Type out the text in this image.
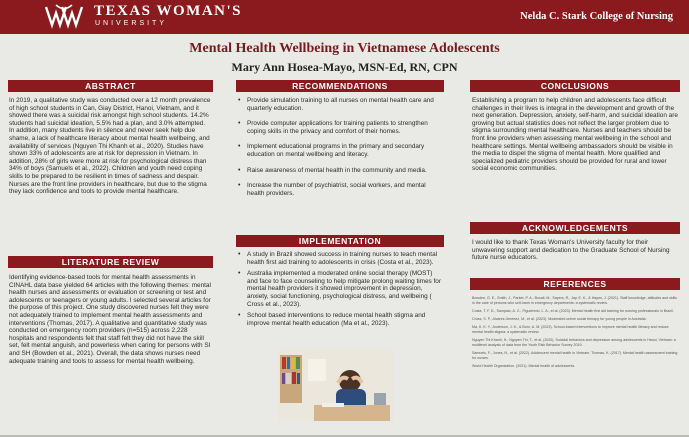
TEXAS WOMAN'S
UNIVERSITY
Nelda C. Stark College of Nursing
Mental Health Wellbeing in Vietnamese Adolescents
Mary Ann Hosea-Mayo, MSN-Ed, RN, CPN
ABSTRACT
In 2019, a qualitative study was conducted over a 12 month prevalence of high school students in Can, Giay District, Hanoi, Vietnam, and it showed there was a suicidal risk amongst high school students. 14.2% students had suicidal ideation, 5.5% had a plan, and 3.0% attempted. In addition, many students live in silence and never seek help due shame, a lack of healthcare literacy about mental health wellbeing, and availability of services (Nguyen Thi Khanh et al., 2020). Studies have shown 33% of adolescents are at risk for depression in Vietnam. In addition, 28% of girls were more at risk for psychological distress than 34% of boys (Samuels et al., 2022). Children and youth need coping skills to be prepared to be resilient in times of sadness and despair. Nurses are the front line providers in healthcare, but due to the stigma they lack confidence and tools to provide mental healthcare.
LITERATURE REVIEW
Identifying evidence-based tools for mental health assessments in CINAHL data base yielded 64 articles with the following themes: mental health nurses and assessments or evaluation or screening or test and adolescents or teenagers or young adults. I selected several articles for the purpose of this project. One study discovered nurses felt they were not adequately trained to implement mental health assessments and interventions (Thomas, 2017). A qualitative and quantitative study was conducted on emergency room providers (n=515) across 2,228 hospitals and respondents felt that staff felt they did not have the skill set, felt mental anguish, and powerless when caring for persons with SI and SH (Bowden et al., 2021). Overall, the data shows nurses need adequate training and tools to assess for mental health wellbeing.
RECOMMENDATIONS
• Provide simulation training to all nurses on mental health care and quarterly education.
• Provide computer applications for training patients to strengthen coping skills in the privacy and comfort of their homes.
• Implement educational programs in the primary and secondary education on mental wellbeing and literacy.
• Raise awareness of mental health in the community and media.
• Increase the number of psychiatrist, social workers, and mental health providers.
IMPLEMENTATION
• A study in Brazil showed success in training nurses to teach mental health first aid training to adolescents in crisis (Costa et al., 2023).
• Australia implemented a moderated online social therapy (MOST) and face to face counseling to help mitigate prolong waiting times for mental health providers it showed improvement in depression, anxiety, social functioning, psychological distress, and wellbeing ( Cross et al., 2023).
• School based interventions to reduce mental health stigma and improve mental health education (Ma et al., 2023).
CONCLUSIONS
Establishing a program to help children and adolescents face difficult challenges in their lives is integral in the development and growth of the next generation. Depression, anxiety, self-harm, and suicidal ideation are growing but actual statistics does not reflect the larger problem due to stigma surrounding mental healthcare. Nurses and teachers should be front line providers when assessing mental wellbeing in the school and healthcare settings. Mental wellbeing ambassadors should be visible in the media to dispel the stigma of mental health. More qualified and specialized pediatric providers should be provided for rural and lower social economic communities.
ACKNOWLEDGEMENTS
I would like to thank Texas Woman's University faculty for their unwavering support and dedication to the Graduate School of Nursing future nurse educators.
REFERENCES

Bowden, G. E., Smith, J., Parker, P. A., Boxall, M., Sayers, R., Jay, E. K., & Hayes, J. (2021). Staff knowledge, attitudes and skills in the care of persons who self-harm in emergency departments: a systematic review.

Costa, T. F. D., Sampaio, A. C., Figueiredo, L. A., et al. (2023). Mental health first aid training for nursing professionals in Brazil.

Cross, S. P., Alvarez-Jimenez, M., et al. (2023). Moderated online social therapy for young people in Australia.

Ma, K. K. Y., Anderson, J. K., & Burn, A. M. (2023). School-based interventions to improve mental health literacy and reduce mental health stigma: a systematic review.

Nguyen Thi Khanh, H., Nguyen Thi, T., et al. (2020). Suicidal behaviors and depression among adolescents in Hanoi, Vietnam: a multilevel analysis of data from the Youth Risk Behavior Survey 2019.

Samuels, F., Jones, N., et al. (2022). Adolescent mental health in Vietnam. Thomas, K. (2017). Mental health assessment training for nurses.

World Health Organization. (2021). Mental health of adolescents.
